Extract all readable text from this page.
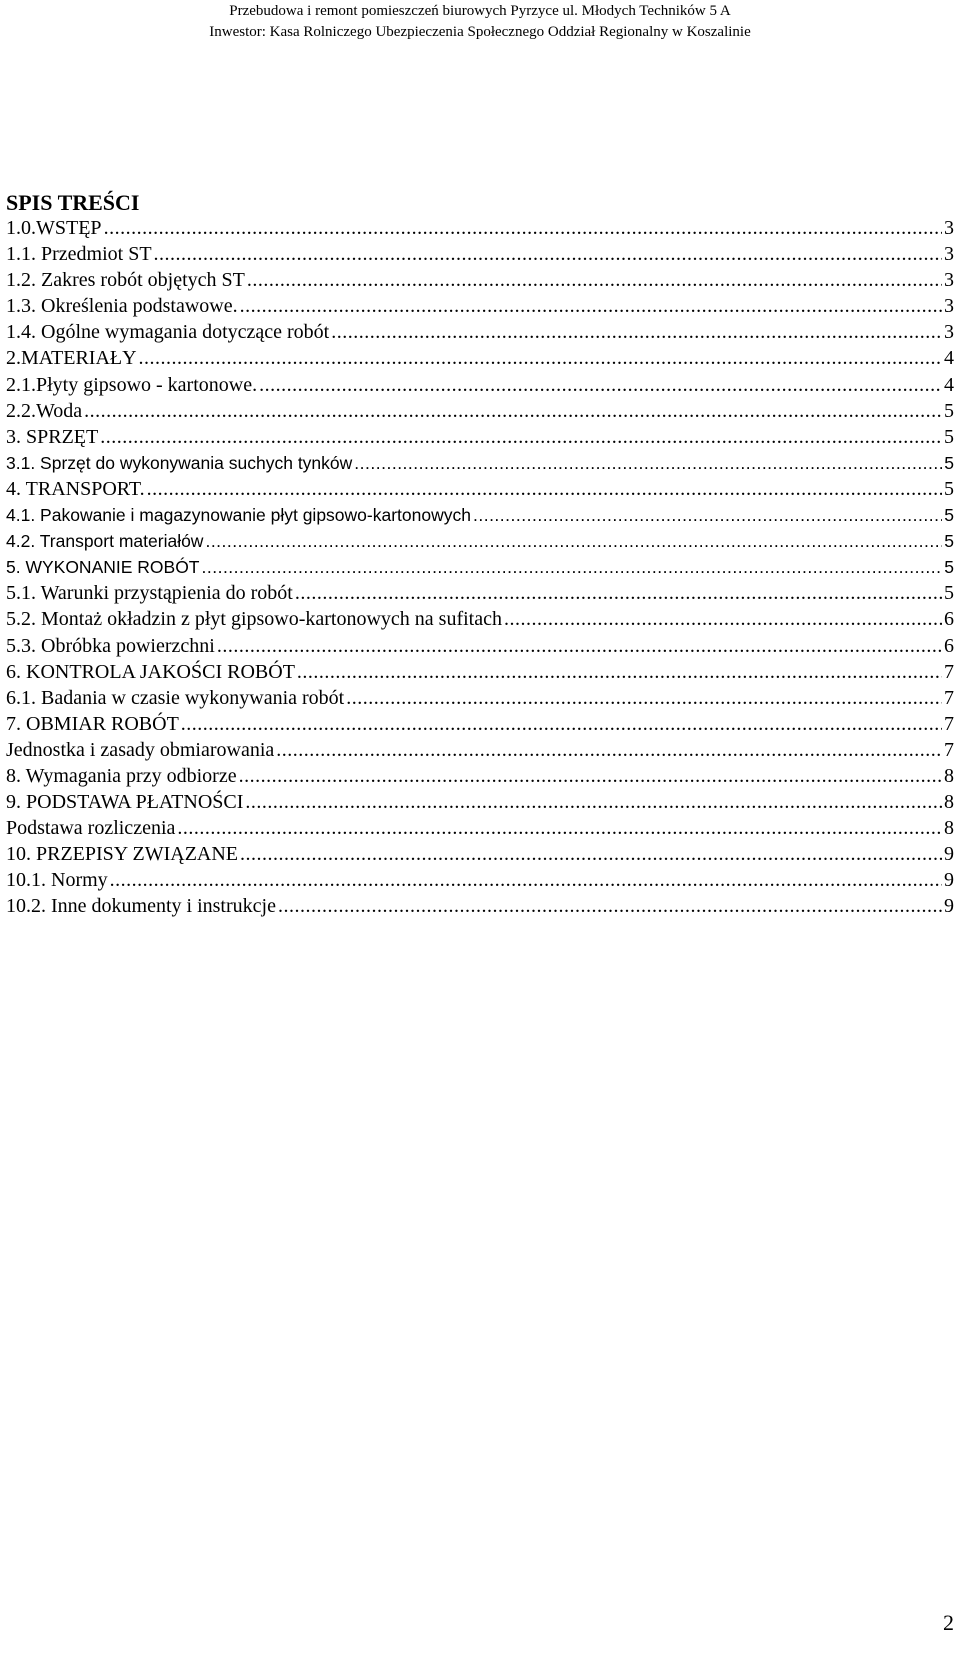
Przebudowa i remont pomieszczeń biurowych Pyrzyce ul. Młodych Techników 5 A
Inwestor: Kasa Rolniczego Ubezpieczenia Społecznego Oddział Regionalny w Koszalinie
SPIS TREŚCI
1.0.WSTĘP .....	3
1.1. Przedmiot ST .....	3
1.2. Zakres robót objętych ST .....	3
1.3. Określenia podstawowe. .....	3
1.4. Ogólne wymagania dotyczące robót .....	3
2.MATERIAŁY .....	4
2.1.Płyty gipsowo - kartonowe. .....	4
2.2.Woda .....	5
3. SPRZĘT .....	5
3.1. Sprzęt do wykonywania suchych tynków .....	5
4. TRANSPORT. .....	5
4.1. Pakowanie i magazynowanie płyt gipsowo-kartonowych .....	5
4.2. Transport materiałów .....	5
5. WYKONANIE ROBÓT .....	5
5.1. Warunki przystąpienia do robót .....	5
5.2. Montaż okładzin z płyt gipsowo-kartonowych na sufitach .....	6
5.3. Obróbka powierzchni .....	6
6. KONTROLA JAKOŚCI ROBÓT .....	7
6.1. Badania w czasie wykonywania robót .....	7
7. OBMIAR ROBÓT .....	7
Jednostka i zasady obmiarowania .....	7
8. Wymagania przy odbiorze .....	8
9. PODSTAWA PŁATNOŚCI .....	8
Podstawa rozliczenia .....	8
10. PRZEPISY ZWIĄZANE .....	9
10.1. Normy .....	9
10.2. Inne dokumenty i instrukcje .....	9
2
